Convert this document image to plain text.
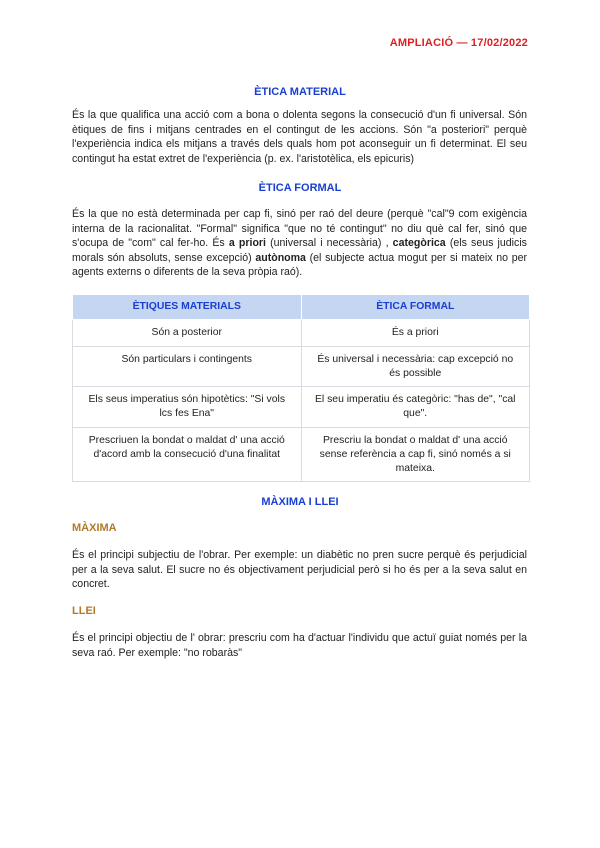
AMPLIACIÓ — 17/02/2022
ÈTICA MATERIAL

És la que qualifica una acció com a bona o dolenta segons la consecució d'un fi universal. Són ètiques de fins i mitjans centrades en el contingut de les accions. Són "a posteriori" perquè l'experiència indica els mitjans a través dels quals hom pot aconseguir un fi determinat. El seu contingut ha estat extret de l'experiència (p. ex. l'aristotèlica, els epicuris)

ÈTICA FORMAL

És la que no està determinada per cap fi, sinó per raó del deure (perquè "cal"9 com exigència interna de la racionalitat. "Formal" significa "que no té contingut" no diu què cal fer, sinó que s'ocupa de "com" cal fer-ho. És a priori (universal i necessària) , categòrica (els seus judicis morals són absoluts, sense excepció) autònoma (el subjecte actua mogut per si mateix no per agents externs o diferents de la seva pròpia raó).

ÈTIQUES MATERIALS	ÈTICA FORMAL
Són a posterior	És a priori
Són particulars i contingents	És universal i necessària: cap excepció no és possible
Els seus imperatius són hipotètics: "Si vols lcs fes Ena"	El seu imperatiu és categòric: "has de", "cal que".
Prescriuen la bondat o maldat d' una acció d'acord amb la consecució d'una finalitat	Prescriu la bondat o maldat d' una acció sense referència a cap fi, sinó només a si mateixa.
MÀXIMA I LLEI
MÀXIMA

És el principi subjectiu de l'obrar. Per exemple: un diabètic no pren sucre perquè és perjudicial per a la seva salut. El sucre no és objectivament perjudicial però si ho és per a la seva salut en concret.

LLEI

És el principi objectiu de l' obrar: prescriu com ha d'actuar l'individu que actuï guiat només per la seva raó. Per exemple: "no robaràs"
